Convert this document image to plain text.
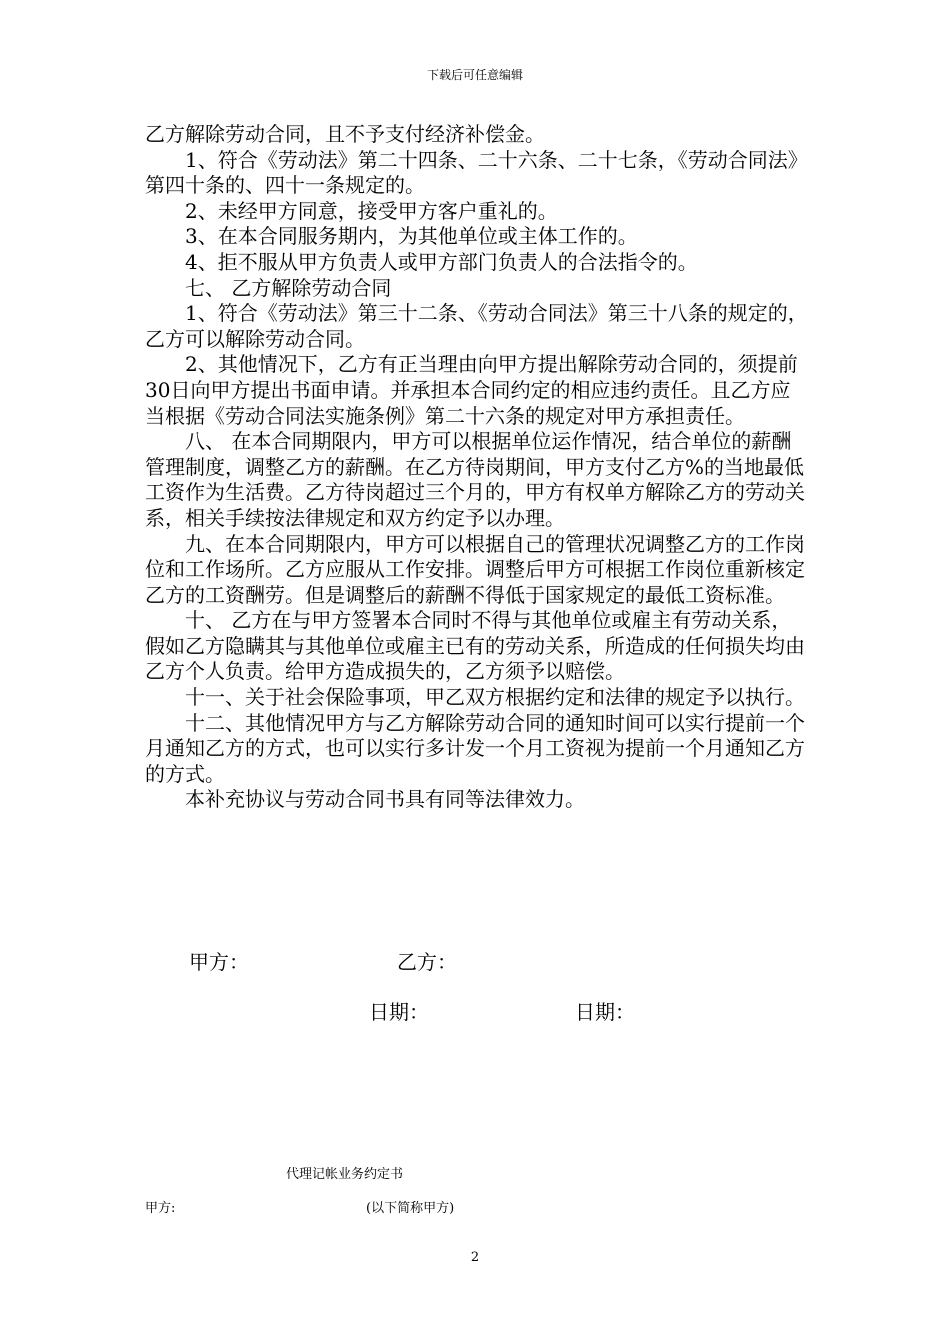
下载后可任意编辑

乙方解除劳动合同，且不予支付经济补偿金。

1、符合《劳动法》第二十四条、二十六条、二十七条，《劳动合同法》第四十条的、四十一条规定的。

2、未经甲方同意，接受甲方客户重礼的。

3、在本合同服务期内，为其他单位或主体工作的。

4、拒不服从甲方负责人或甲方部门负责人的合法指令的。

七、 乙方解除劳动合同

1、符合《劳动法》第三十二条、《劳动合同法》第三十八条的规定的，乙方可以解除劳动合同。

2、其他情况下，乙方有正当理由向甲方提出解除劳动合同的，须提前30日向甲方提出书面申请。并承担本合同约定的相应违约责任。且乙方应当根据《劳动合同法实施条例》第二十六条的规定对甲方承担责任。

八、 在本合同期限内，甲方可以根据单位运作情况，结合单位的薪酬管理制度，调整乙方的薪酬。在乙方待岗期间，甲方支付乙方%的当地最低工资作为生活费。乙方待岗超过三个月的，甲方有权单方解除乙方的劳动关系，相关手续按法律规定和双方约定予以办理。

九、在本合同期限内，甲方可以根据自己的管理状况调整乙方的工作岗位和工作场所。乙方应服从工作安排。调整后甲方可根据工作岗位重新核定乙方的工资酬劳。但是调整后的薪酬不得低于国家规定的最低工资标准。

十、 乙方在与甲方签署本合同时不得与其他单位或雇主有劳动关系，假如乙方隐瞒其与其他单位或雇主已有的劳动关系，所造成的任何损失均由乙方个人负责。给甲方造成损失的，乙方须予以赔偿。

十一、关于社会保险事项，甲乙双方根据约定和法律的规定予以执行。

十二、其他情况甲方与乙方解除劳动合同的通知时间可以实行提前一个月通知乙方的方式，也可以实行多计发一个月工资视为提前一个月通知乙方的方式。

本补充协议与劳动合同书具有同等法律效力。

甲方：	乙方：
日期：	日期：
代理记帐业务约定书
甲方:	(以下简称甲方)
2
